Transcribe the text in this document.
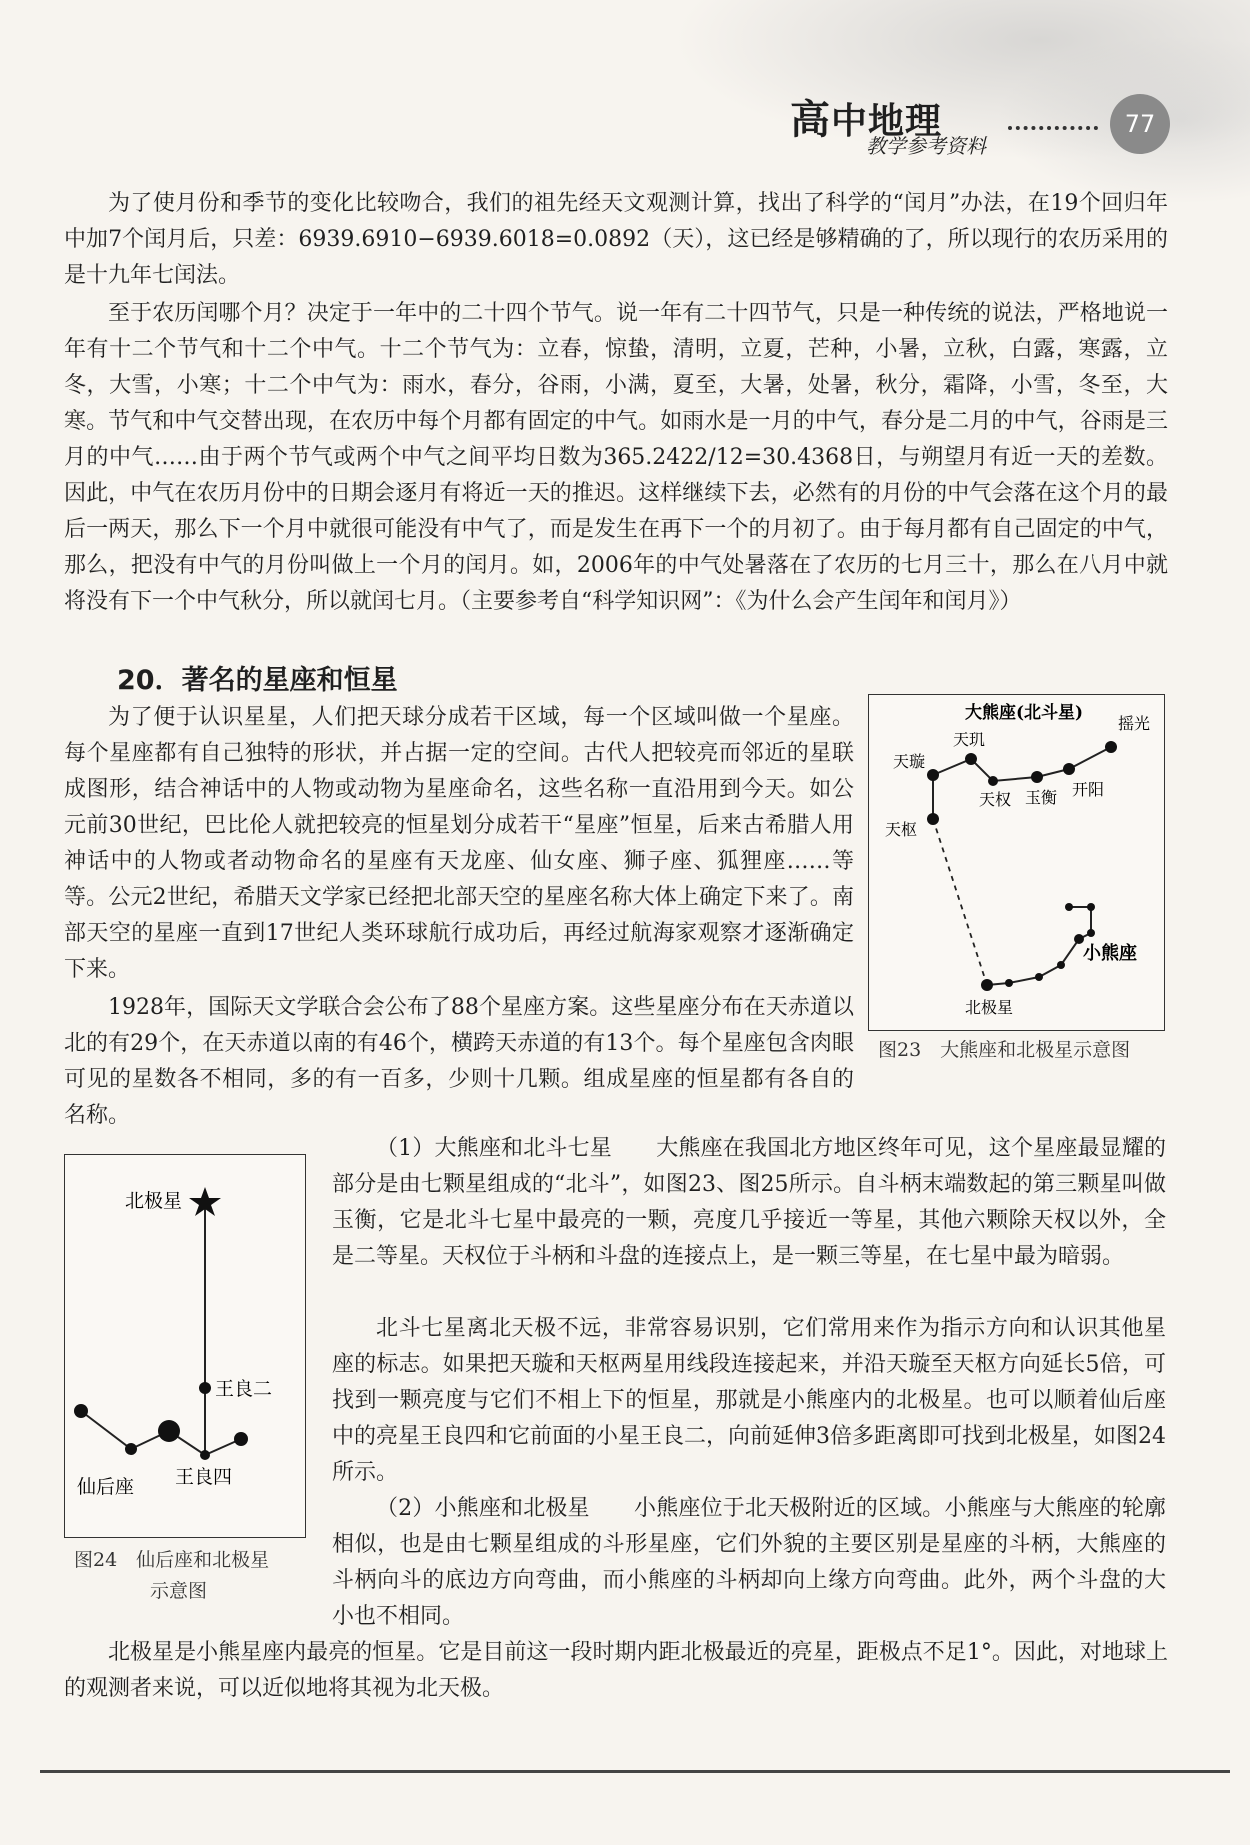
高中地理
教学参考资料
77

为了使月份和季节的变化比较吻合，我们的祖先经天文观测计算，找出了科学的“闰月”办法，在19个回归年中加7个闰月后，只差：6939.6910−6939.6018=0.0892（天），这已经是够精确的了，所以现行的农历采用的是十九年七闰法。

至于农历闰哪个月？决定于一年中的二十四个节气。说一年有二十四节气，只是一种传统的说法，严格地说一年有十二个节气和十二个中气。十二个节气为：立春，惊蛰，清明，立夏，芒种，小暑，立秋，白露，寒露，立冬，大雪，小寒；十二个中气为：雨水，春分，谷雨，小满，夏至，大暑，处暑，秋分，霜降，小雪，冬至，大寒。节气和中气交替出现，在农历中每个月都有固定的中气。如雨水是一月的中气，春分是二月的中气，谷雨是三月的中气……由于两个节气或两个中气之间平均日数为365.2422/12=30.4368日，与朔望月有近一天的差数。因此，中气在农历月份中的日期会逐月有将近一天的推迟。这样继续下去，必然有的月份的中气会落在这个月的最后一两天，那么下一个月中就很可能没有中气了，而是发生在再下一个的月初了。由于每月都有自己固定的中气，那么，把没有中气的月份叫做上一个月的闰月。如，2006年的中气处暑落在了农历的七月三十，那么在八月中就将没有下一个中气秋分，所以就闰七月。（主要参考自“科学知识网”：《为什么会产生闰年和闰月》）

20．著名的星座和恒星

为了便于认识星星，人们把天球分成若干区域，每一个区域叫做一个星座。每个星座都有自己独特的形状，并占据一定的空间。古代人把较亮而邻近的星联成图形，结合神话中的人物或动物为星座命名，这些名称一直沿用到今天。如公元前30世纪，巴比伦人就把较亮的恒星划分成若干“星座”恒星，后来古希腊人用神话中的人物或者动物命名的星座有天龙座、仙女座、狮子座、狐狸座……等等。公元2世纪，希腊天文学家已经把北部天空的星座名称大体上确定下来了。南部天空的星座一直到17世纪人类环球航行成功后，再经过航海家观察才逐渐确定下来。

1928年，国际天文学联合会公布了88个星座方案。这些星座分布在天赤道以北的有29个，在天赤道以南的有46个，横跨天赤道的有13个。每个星座包含肉眼可见的星数各不相同，多的有一百多，少则十几颗。组成星座的恒星都有各自的名称。

大熊座(北斗星)
摇光
天玑
天璇
天权 玉衡 开阳
天枢
小熊座
北极星
图23　大熊座和北极星示意图
北极星
王良二
王良四
仙后座
图24　仙后座和北极星
示意图

（1）大熊座和北斗七星　　大熊座在我国北方地区终年可见，这个星座最显耀的部分是由七颗星组成的“北斗”，如图23、图25所示。自斗柄末端数起的第三颗星叫做玉衡，它是北斗七星中最亮的一颗，亮度几乎接近一等星，其他六颗除天权以外，全是二等星。天权位于斗柄和斗盘的连接点上，是一颗三等星，在七星中最为暗弱。

北斗七星离北天极不远，非常容易识别，它们常用来作为指示方向和认识其他星座的标志。如果把天璇和天枢两星用线段连接起来，并沿天璇至天枢方向延长5倍，可找到一颗亮度与它们不相上下的恒星，那就是小熊座内的北极星。也可以顺着仙后座中的亮星王良四和它前面的小星王良二，向前延伸3倍多距离即可找到北极星，如图24所示。

（2）小熊座和北极星　　小熊座位于北天极附近的区域。小熊座与大熊座的轮廓相似，也是由七颗星组成的斗形星座，它们外貌的主要区别是星座的斗柄，大熊座的斗柄向斗的底边方向弯曲，而小熊座的斗柄却向上缘方向弯曲。此外，两个斗盘的大小也不相同。

北极星是小熊星座内最亮的恒星。它是目前这一段时期内距北极最近的亮星，距极点不足1°。因此，对地球上的观测者来说，可以近似地将其视为北天极。
